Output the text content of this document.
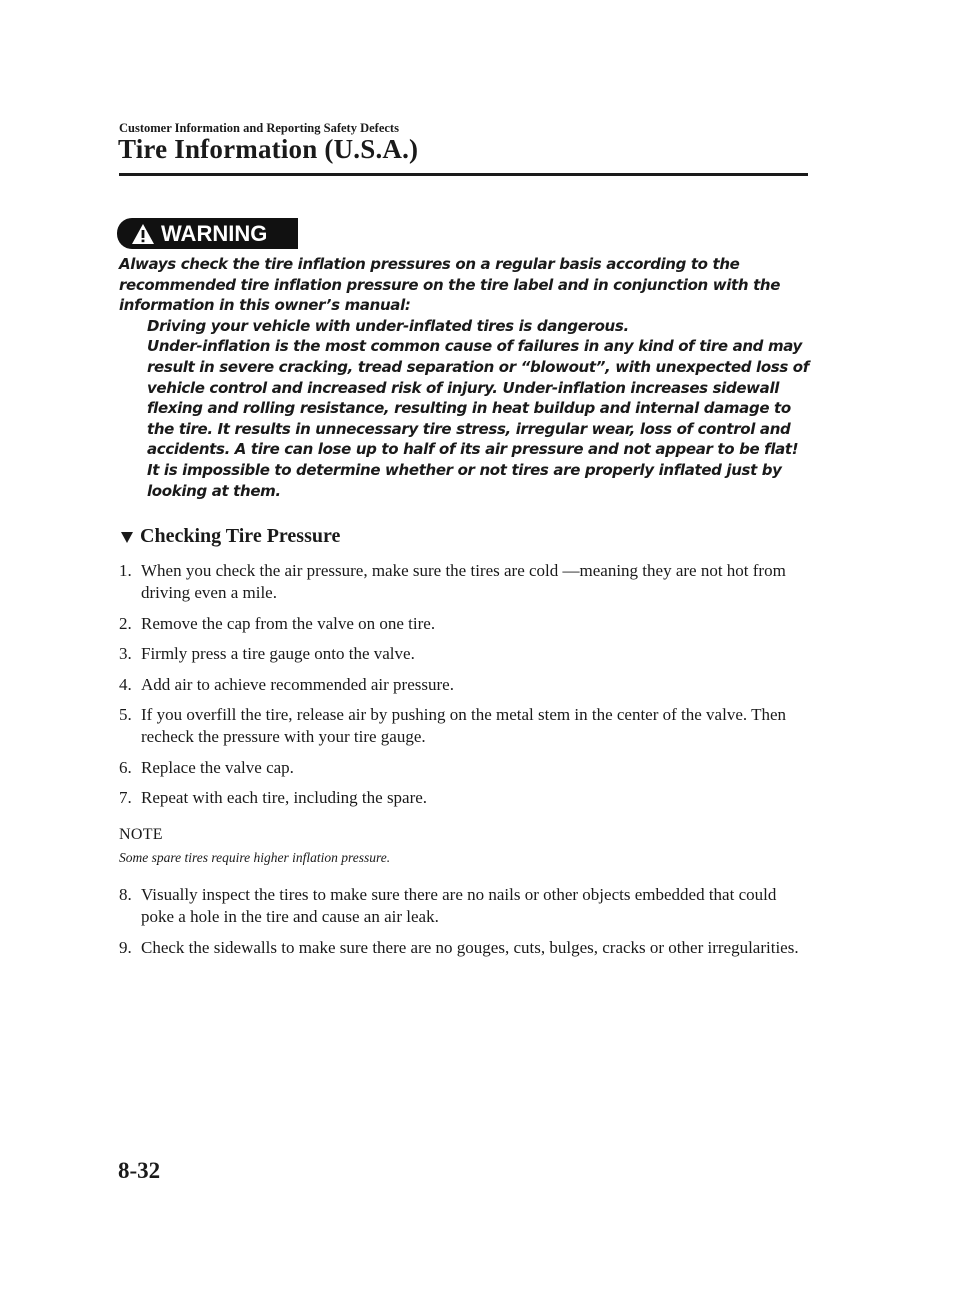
Customer Information and Reporting Safety Defects
Tire Information (U.S.A.)
WARNING

Always check the tire inflation pressures on a regular basis according to the recommended tire inflation pressure on the tire label and in conjunction with the information in this owner’s manual:

Driving your vehicle with under-inflated tires is dangerous.

Under-inflation is the most common cause of failures in any kind of tire and may result in severe cracking, tread separation or “blowout”, with unexpected loss of vehicle control and increased risk of injury. Under-inflation increases sidewall flexing and rolling resistance, resulting in heat buildup and internal damage to the tire. It results in unnecessary tire stress, irregular wear, loss of control and accidents. A tire can lose up to half of its air pressure and not appear to be flat!

It is impossible to determine whether or not tires are properly inflated just by looking at them.

Checking Tire Pressure

1. When you check the air pressure, make sure the tires are cold ―meaning they are not hot from driving even a mile.

2. Remove the cap from the valve on one tire.

3. Firmly press a tire gauge onto the valve.

4. Add air to achieve recommended air pressure.

5. If you overfill the tire, release air by pushing on the metal stem in the center of the valve. Then recheck the pressure with your tire gauge.

6. Replace the valve cap.

7. Repeat with each tire, including the spare.

NOTE
Some spare tires require higher inflation pressure.

8. Visually inspect the tires to make sure there are no nails or other objects embedded that could poke a hole in the tire and cause an air leak.

9. Check the sidewalls to make sure there are no gouges, cuts, bulges, cracks or other irregularities.

8-32
